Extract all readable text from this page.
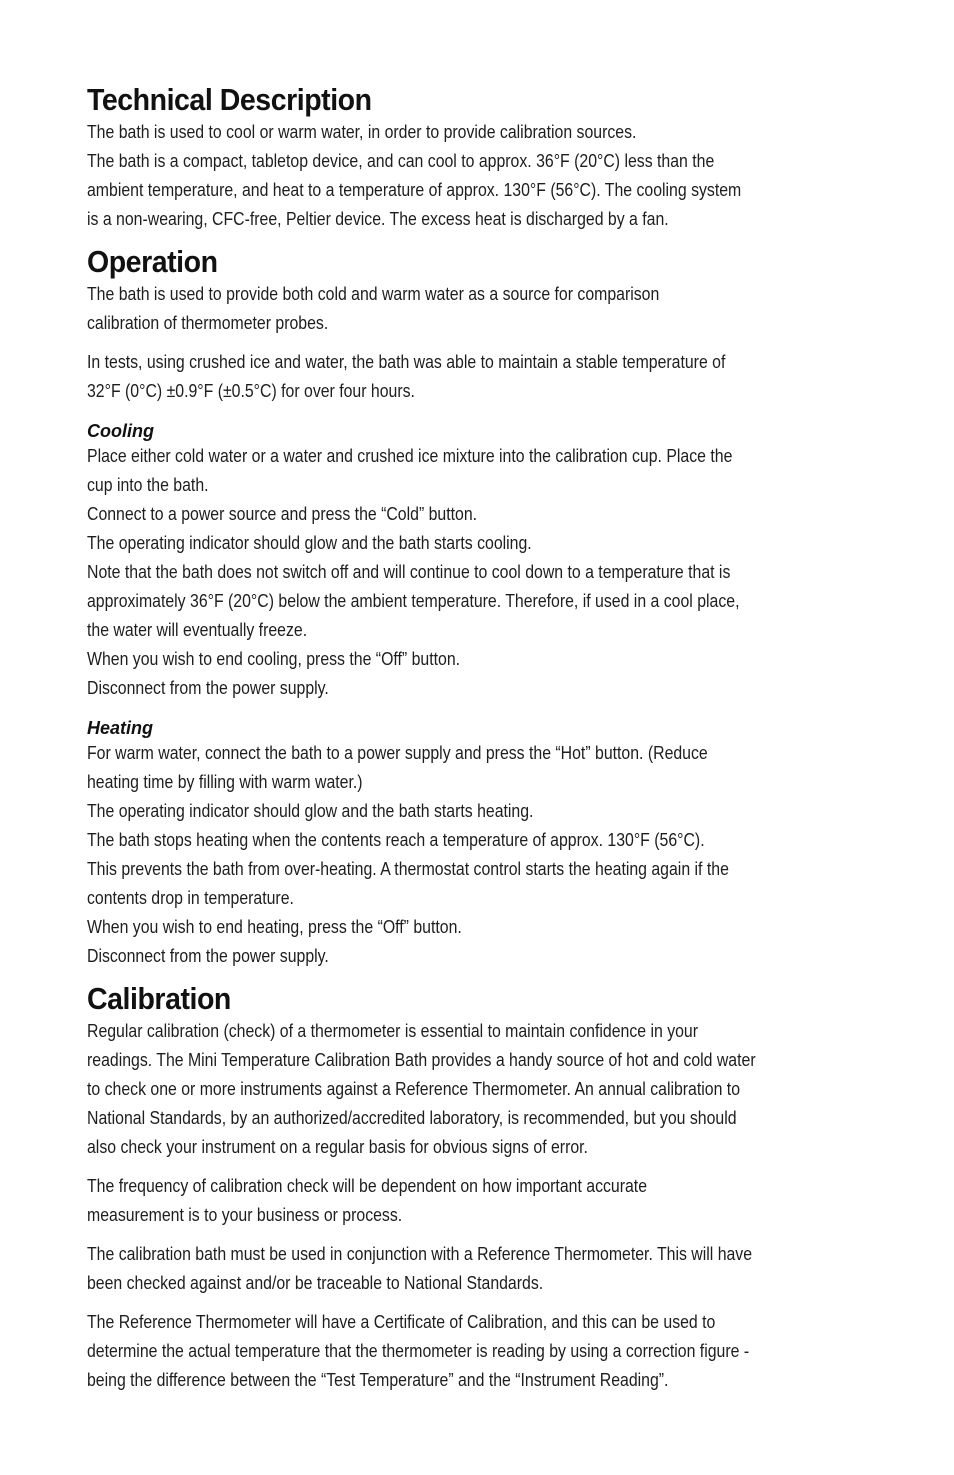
Technical Description
The bath is used to cool or warm water, in order to provide calibration sources.
The bath is a compact, tabletop device, and can cool to approx. 36°F (20°C) less than the
ambient temperature, and heat to a temperature of approx. 130°F (56°C). The cooling system
is a non-wearing, CFC-free, Peltier device. The excess heat is discharged by a fan.
Operation
The bath is used to provide both cold and warm water as a source for comparison
calibration of thermometer probes.
In tests, using crushed ice and water, the bath was able to maintain a stable temperature of
32°F (0°C) ±0.9°F (±0.5°C) for over four hours.
Cooling
Place either cold water or a water and crushed ice mixture into the calibration cup. Place the
cup into the bath.
Connect to a power source and press the “Cold” button.
The operating indicator should glow and the bath starts cooling.
Note that the bath does not switch off and will continue to cool down to a temperature that is
approximately 36°F (20°C) below the ambient temperature. Therefore, if used in a cool place,
the water will eventually freeze.
When you wish to end cooling, press the “Off” button.
Disconnect from the power supply.
Heating
For warm water, connect the bath to a power supply and press the “Hot” button. (Reduce
heating time by filling with warm water.)
The operating indicator should glow and the bath starts heating.
The bath stops heating when the contents reach a temperature of approx. 130°F (56°C).
This prevents the bath from over-heating. A thermostat control starts the heating again if the
contents drop in temperature.
When you wish to end heating, press the “Off” button.
Disconnect from the power supply.
Calibration
Regular calibration (check) of a thermometer is essential to maintain confidence in your
readings. The Mini Temperature Calibration Bath provides a handy source of hot and cold water
to check one or more instruments against a Reference Thermometer. An annual calibration to
National Standards, by an authorized/accredited laboratory, is recommended, but you should
also check your instrument on a regular basis for obvious signs of error.
The frequency of calibration check will be dependent on how important accurate
measurement is to your business or process.
The calibration bath must be used in conjunction with a Reference Thermometer. This will have
been checked against and/or be traceable to National Standards.
The Reference Thermometer will have a Certificate of Calibration, and this can be used to
determine the actual temperature that the thermometer is reading by using a correction figure -
being the difference between the “Test Temperature” and the “Instrument Reading”.
